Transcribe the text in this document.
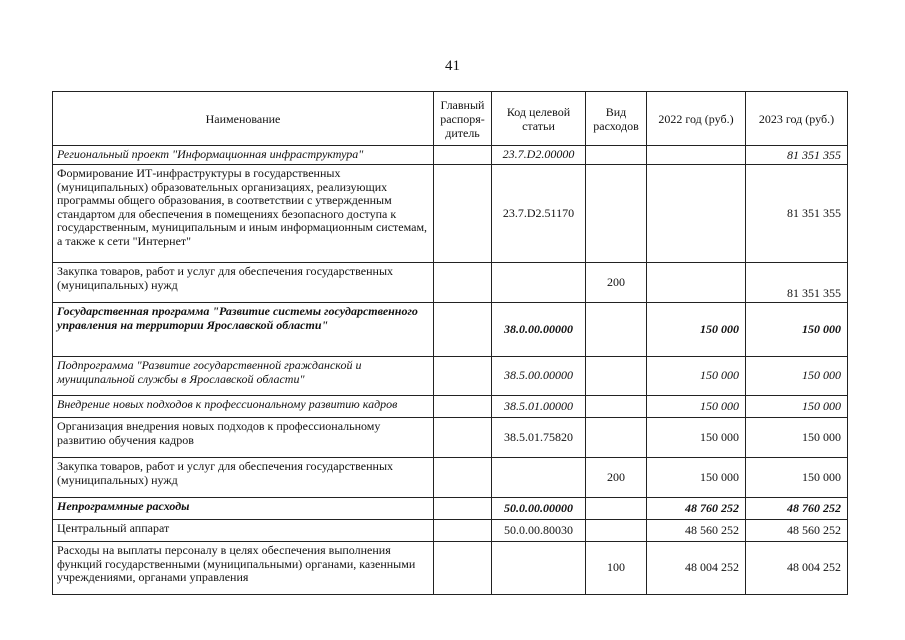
41
Наименование	Главный распоря-дитель	Код целевой статьи	Вид расходов	2022 год (руб.)	2023 год (руб.)
Региональный проект "Информационная инфраструктура"		23.7.D2.00000			81 351 355
Формирование ИТ-инфраструктуры в государственных (муниципальных) образовательных организациях, реализующих программы общего образования, в соответствии с утвержденным стандартом для обеспечения в помещениях безопасного доступа к государственным, муниципальным и иным информационным системам, а также к сети "Интернет"		23.7.D2.51170			81 351 355
Закупка товаров, работ и услуг для обеспечения государственных (муниципальных) нужд			200		81 351 355
Государственная программа "Развитие системы государственного управления на территории Ярославской области"		38.0.00.00000		150 000	150 000
Подпрограмма "Развитие государственной гражданской и муниципальной службы в Ярославской области"		38.5.00.00000		150 000	150 000
Внедрение новых подходов к профессиональному развитию кадров		38.5.01.00000		150 000	150 000
Организация внедрения новых подходов к профессиональному развитию обучения кадров		38.5.01.75820		150 000	150 000
Закупка товаров, работ и услуг для обеспечения государственных (муниципальных) нужд			200	150 000	150 000
Непрограммные расходы		50.0.00.00000		48 760 252	48 760 252
Центральный аппарат		50.0.00.80030		48 560 252	48 560 252
Расходы на выплаты персоналу в целях обеспечения выполнения функций государственными (муниципальными) органами, казенными учреждениями, органами управления			100	48 004 252	48 004 252
